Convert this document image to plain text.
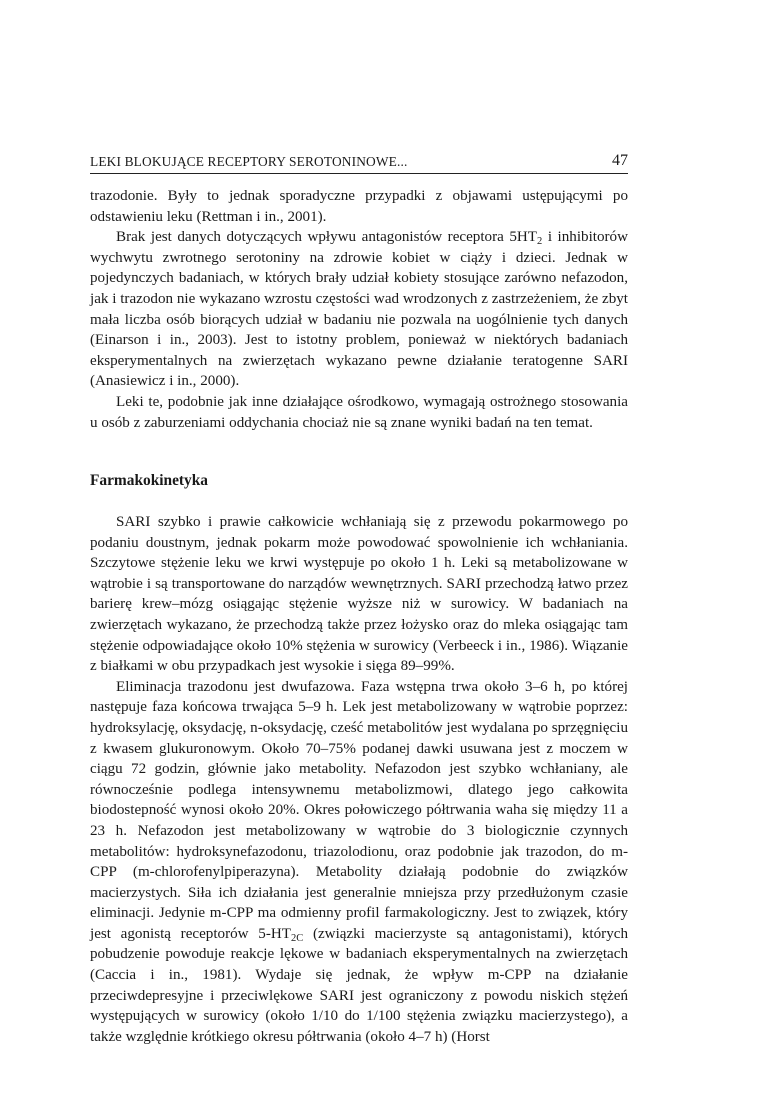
LEKI BLOKUJĄCE RECEPTORY SEROTONINOWE...	47

trazodonie. Były to jednak sporadyczne przypadki z objawami ustępującymi po odstawieniu leku (Rettman i in., 2001).

Brak jest danych dotyczących wpływu antagonistów receptora $5HT_2$ i inhibitorów wychwytu zwrotnego serotoniny na zdrowie kobiet w ciąży i dzieci. Jednak w pojedynczych badaniach, w których brały udział kobiety stosujące zarówno nefazodon, jak i trazodon nie wykazano wzrostu częstości wad wrodzonych z zastrzeżeniem, że zbyt mała liczba osób biorących udział w badaniu nie pozwala na uogólnienie tych danych (Einarson i in., 2003). Jest to istotny problem, ponieważ w niektórych badaniach eksperymentalnych na zwierzętach wykazano pewne działanie teratogenne SARI (Anasiewicz i in., 2000).

Leki te, podobnie jak inne działające ośrodkowo, wymagają ostrożnego stosowania u osób z zaburzeniami oddychania chociaż nie są znane wyniki badań na ten temat.

Farmakokinetyka

SARI szybko i prawie całkowicie wchłaniają się z przewodu pokarmowego po podaniu doustnym, jednak pokarm może powodować spowolnienie ich wchłaniania. Szczytowe stężenie leku we krwi występuje po około 1 h. Leki są metabolizowane w wątrobie i są transportowane do narządów wewnętrznych. SARI przechodzą łatwo przez barierę krew–mózg osiągając stężenie wyższe niż w surowicy. W badaniach na zwierzętach wykazano, że przechodzą także przez łożysko oraz do mleka osiągając tam stężenie odpowiadające około 10% stężenia w surowicy (Verbeeck i in., 1986). Wiązanie z białkami w obu przypadkach jest wysokie i sięga 89–99%.

Eliminacja trazodonu jest dwufazowa. Faza wstępna trwa około 3–6 h, po której następuje faza końcowa trwająca 5–9 h. Lek jest metabolizowany w wątrobie poprzez: hydroksylację, oksydację, n-oksydację, cześć metabolitów jest wydalana po sprzęgnięciu z kwasem glukuronowym. Około 70–75% podanej dawki usuwana jest z moczem w ciągu 72 godzin, głównie jako metabolity. Nefazodon jest szybko wchłaniany, ale równocześnie podlega intensywnemu metabolizmowi, dlatego jego całkowita biodostepność wynosi około 20%. Okres połowiczego półtrwania waha się między 11 a 23 h. Nefazodon jest metabolizowany w wątrobie do 3 biologicznie czynnych metabolitów: hydroksynefazodonu, triazolodionu, oraz podobnie jak trazodon, do m-CPP (m-chlorofenylpiperazyna). Metabolity działają podobnie do związków macierzystych. Siła ich działania jest generalnie mniejsza przy przedłużonym czasie eliminacji. Jedynie m-CPP ma odmienny profil farmakologiczny. Jest to związek, który jest agonistą receptorów $5-HT_{2C}$ (związki macierzyste są antagonistami), których pobudzenie powoduje reakcje lękowe w badaniach eksperymentalnych na zwierzętach (Caccia i in., 1981). Wydaje się jednak, że wpływ m-CPP na działanie przeciwdepresyjne i przeciwlękowe SARI jest ograniczony z powodu niskich stężeń występujących w surowicy (około 1/10 do 1/100 stężenia związku macierzystego), a także względnie krótkiego okresu półtrwania (około 4–7 h) (Horst
